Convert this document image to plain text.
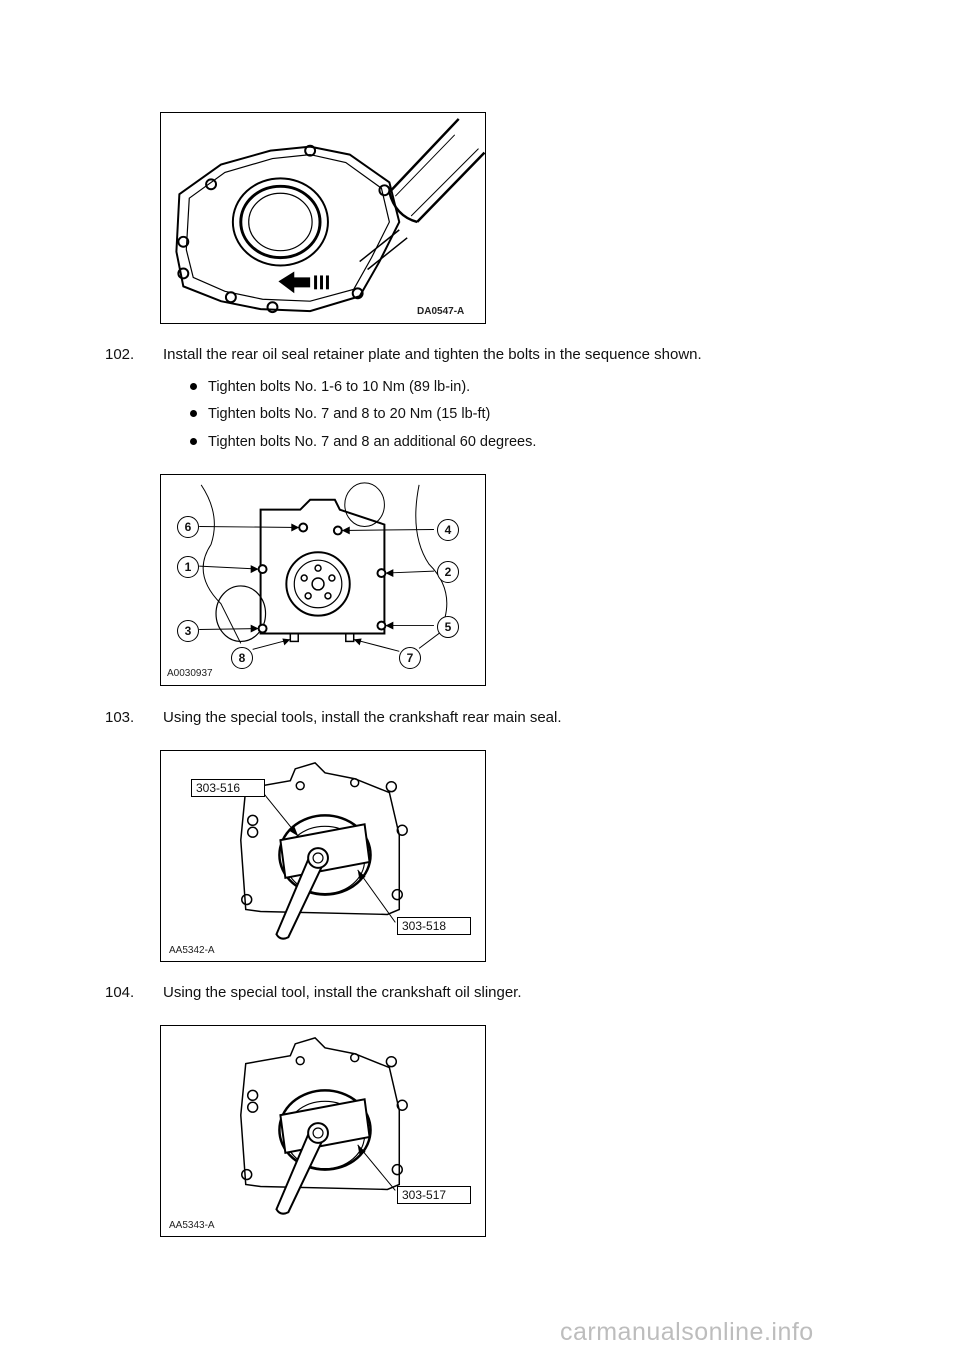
DA0547-A
102. Install the rear oil seal retainer plate and tighten the bolts in the sequence shown.
Tighten bolts No. 1-6 to 10 Nm (89 lb-in).
Tighten bolts No. 7 and 8 to 20 Nm (15 lb-ft)
Tighten bolts No. 7 and 8 an additional 60 degrees.
6
1
3
4
2
5
8	7
A0030937
103. Using the special tools, install the crankshaft rear main seal.
303-516
303-518
AA5342-A
104. Using the special tool, install the crankshaft oil slinger.
303-517
AA5343-A
carmanualsonline.info
